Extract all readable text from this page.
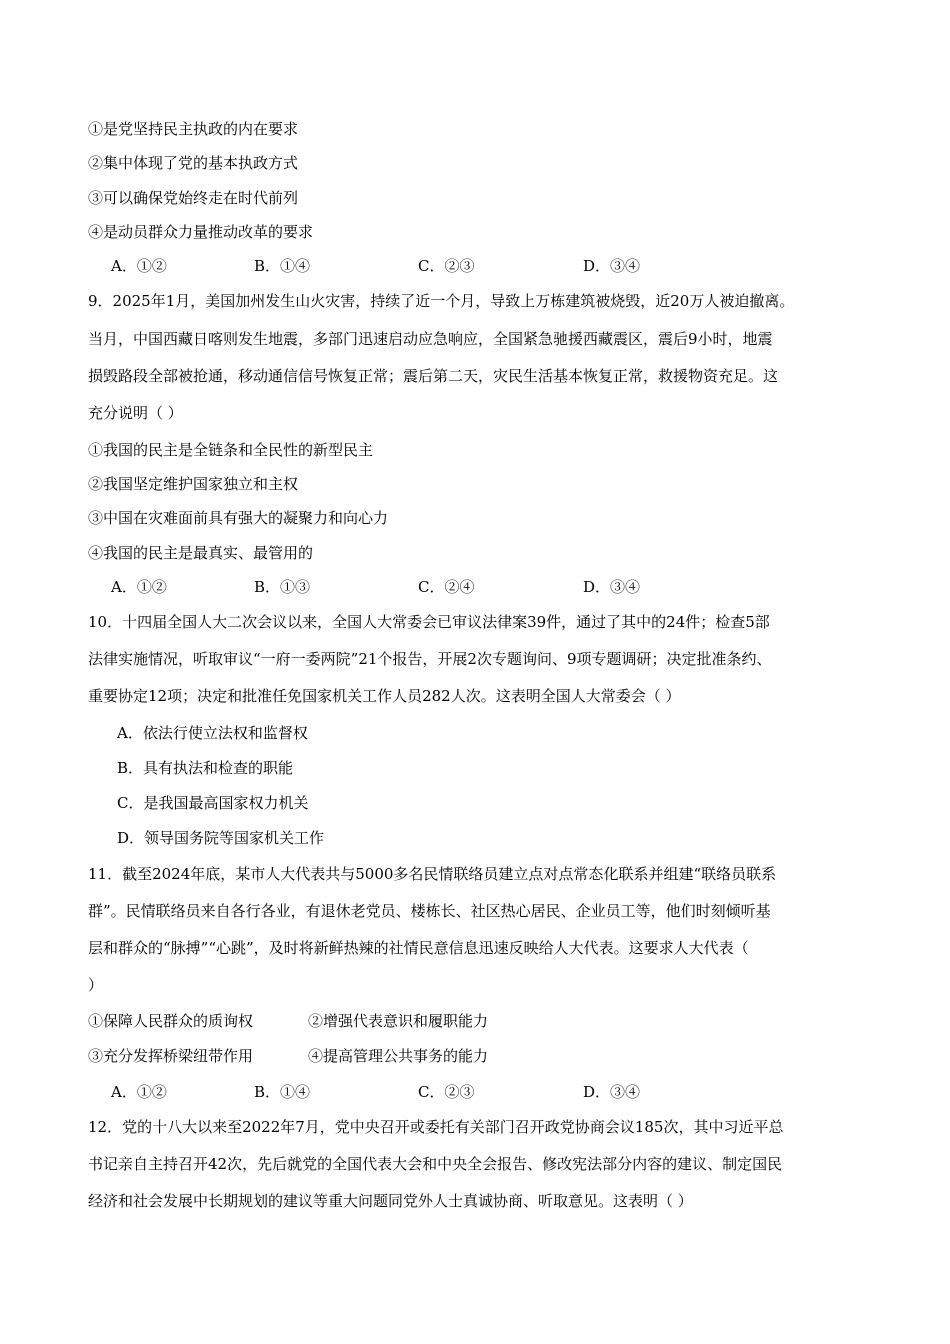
①是党坚持民主执政的内在要求
②集中体现了党的基本执政方式
③可以确保党始终走在时代前列
④是动员群众力量推动改革的要求
A．①②	B．①④	C．②③	D．③④
9．2025年1月，美国加州发生山火灾害，持续了近一个月，导致上万栋建筑被烧毁，近20万人被迫撤离。
当月，中国西藏日喀则发生地震，多部门迅速启动应急响应，全国紧急驰援西藏震区，震后9小时，地震
损毁路段全部被抢通，移动通信信号恢复正常；震后第二天，灾民生活基本恢复正常，救援物资充足。这
充分说明（ ）
①我国的民主是全链条和全民性的新型民主
②我国坚定维护国家独立和主权
③中国在灾难面前具有强大的凝聚力和向心力
④我国的民主是最真实、最管用的
A．①②	B．①③	C．②④	D．③④
10．十四届全国人大二次会议以来，全国人大常委会已审议法律案39件，通过了其中的24件；检查5部
法律实施情况，听取审议“一府一委两院”21个报告，开展2次专题询问、9项专题调研；决定批准条约、
重要协定12项；决定和批准任免国家机关工作人员282人次。这表明全国人大常委会（ ）
A．依法行使立法权和监督权
B．具有执法和检查的职能
C．是我国最高国家权力机关
D．领导国务院等国家机关工作
11．截至2024年底，某市人大代表共与5000多名民情联络员建立点对点常态化联系并组建“联络员联系
群”。民情联络员来自各行各业，有退休老党员、楼栋长、社区热心居民、企业员工等，他们时刻倾听基
层和群众的“脉搏”“心跳”，及时将新鲜热辣的社情民意信息迅速反映给人大代表。这要求人大代表（
）
①保障人民群众的质询权	②增强代表意识和履职能力
③充分发挥桥梁纽带作用	④提高管理公共事务的能力
A．①②	B．①④	C．②③	D．③④
12．党的十八大以来至2022年7月，党中央召开或委托有关部门召开政党协商会议185次，其中习近平总
书记亲自主持召开42次，先后就党的全国代表大会和中央全会报告、修改宪法部分内容的建议、制定国民
经济和社会发展中长期规划的建议等重大问题同党外人士真诚协商、听取意见。这表明（ ）
